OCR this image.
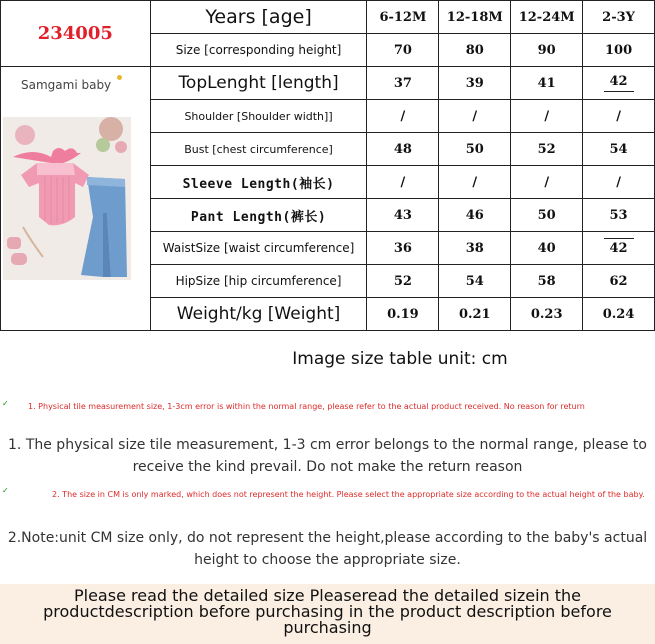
234005	Years [age]	6-12M	12-18M	12-24M	2-3Y
	Size [corresponding height]	70	80	90	100

Samgami baby	TopLenght [length]	37	39	41	42
	Shoulder [Shoulder width]]	/	/	/	/
	Bust [chest circumference]	48	50	52	54
	Sleeve Length(袖长)	/	/	/	/
	Pant Length(裤长)	43	46	50	53
	WaistSize [waist circumference]	36	38	40	42
	HipSize [hip circumference]	52	54	58	62
	Weight/kg [Weight]	0.19	0.21	0.23	0.24
Image size table unit: cm
✓ 1. Physical tile measurement size, 1-3cm error is within the normal range, please refer to the actual product received. No reason for return
1. The physical size tile measurement, 1-3 cm error belongs to the normal range, please to receive the kind prevail. Do not make the return reason
✓	2. The size in CM is only marked, which does not represent the height. Please select the appropriate size according to the actual height of the baby.
2.Note:unit CM size only, do not represent the height,please according to the baby's actual height to choose the appropriate size.
Please read the detailed size Pleaseread the detailed sizein the productdescription before purchasing in the product description before purchasing
